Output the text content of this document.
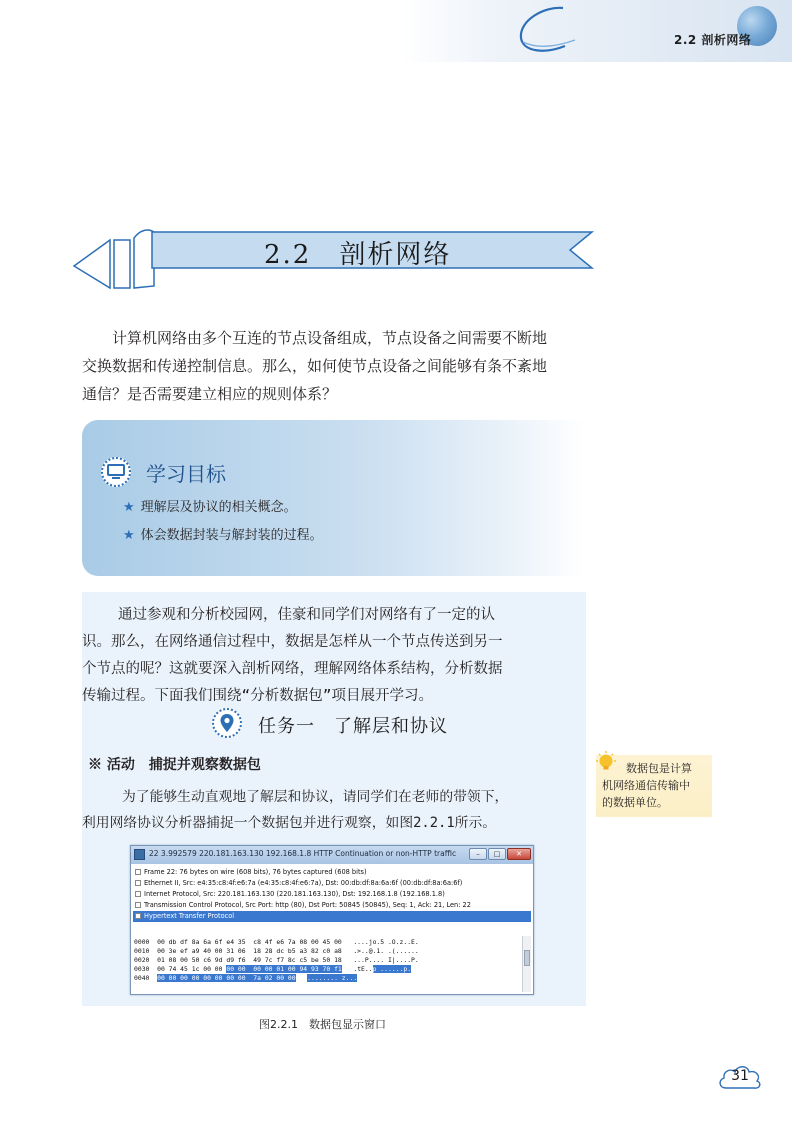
2.2 剖析网络
2.2　剖析网络
计算机网络由多个互连的节点设备组成，节点设备之间需要不断地
交换数据和传递控制信息。那么，如何使节点设备之间能够有条不紊地
通信？是否需要建立相应的规则体系？
学习目标
★ 理解层及协议的相关概念。
★ 体会数据封装与解封装的过程。
通过参观和分析校园网，佳豪和同学们对网络有了一定的认
识。那么，在网络通信过程中，数据是怎样从一个节点传送到另一
个节点的呢？这就要深入剖析网络，理解网络体系结构，分析数据
传输过程。下面我们围绕“分析数据包”项目展开学习。
任务一　了解层和协议
※ 活动　捕捉并观察数据包
为了能够生动直观地了解层和协议，请同学们在老师的带领下，
利用网络协议分析器捕捉一个数据包并进行观察，如图2.2.1所示。
22 3.992579 220.181.163.130 192.168.1.8 HTTP Continuation or non-HTTP traffic	–	□	✕
Frame 22: 76 bytes on wire (608 bits), 76 bytes captured (608 bits)
Ethernet II, Src: e4:35:c8:4f:e6:7a (e4:35:c8:4f:e6:7a), Dst: 00:db:df:8a:6a:6f (00:db:df:8a:6a:6f)
Internet Protocol, Src: 220.181.163.130 (220.181.163.130), Dst: 192.168.1.8 (192.168.1.8)
Transmission Control Protocol, Src Port: http (80), Dst Port: 50845 (50845), Seq: 1, Ack: 21, Len: 22
Hypertext Transfer Protocol
0000 00 db df 8a 6a 6f e4 35  c8 4f e6 7a 08 00 45 00 ....jo.5 .O.z..E.
0010 00 3e ef a9 40 00 31 06  18 28 dc b5 a3 82 c0 a8 .>..@.1. .(......
0020 01 08 00 50 c6 9d d9 f6  49 7c f7 8c c5 be 50 18 ...P.... I|....P.
0030 00 74 45 1c 00 00 00 00  00 00 01 00 94 93 70 f1 .tE..p ......p.
0040 00 00 00 00 00 00 00 00  7a 02 00 00 ........ z...
图2.2.1　数据包显示窗口
数据包是计算
机网络通信传输中
的数据单位。
31
